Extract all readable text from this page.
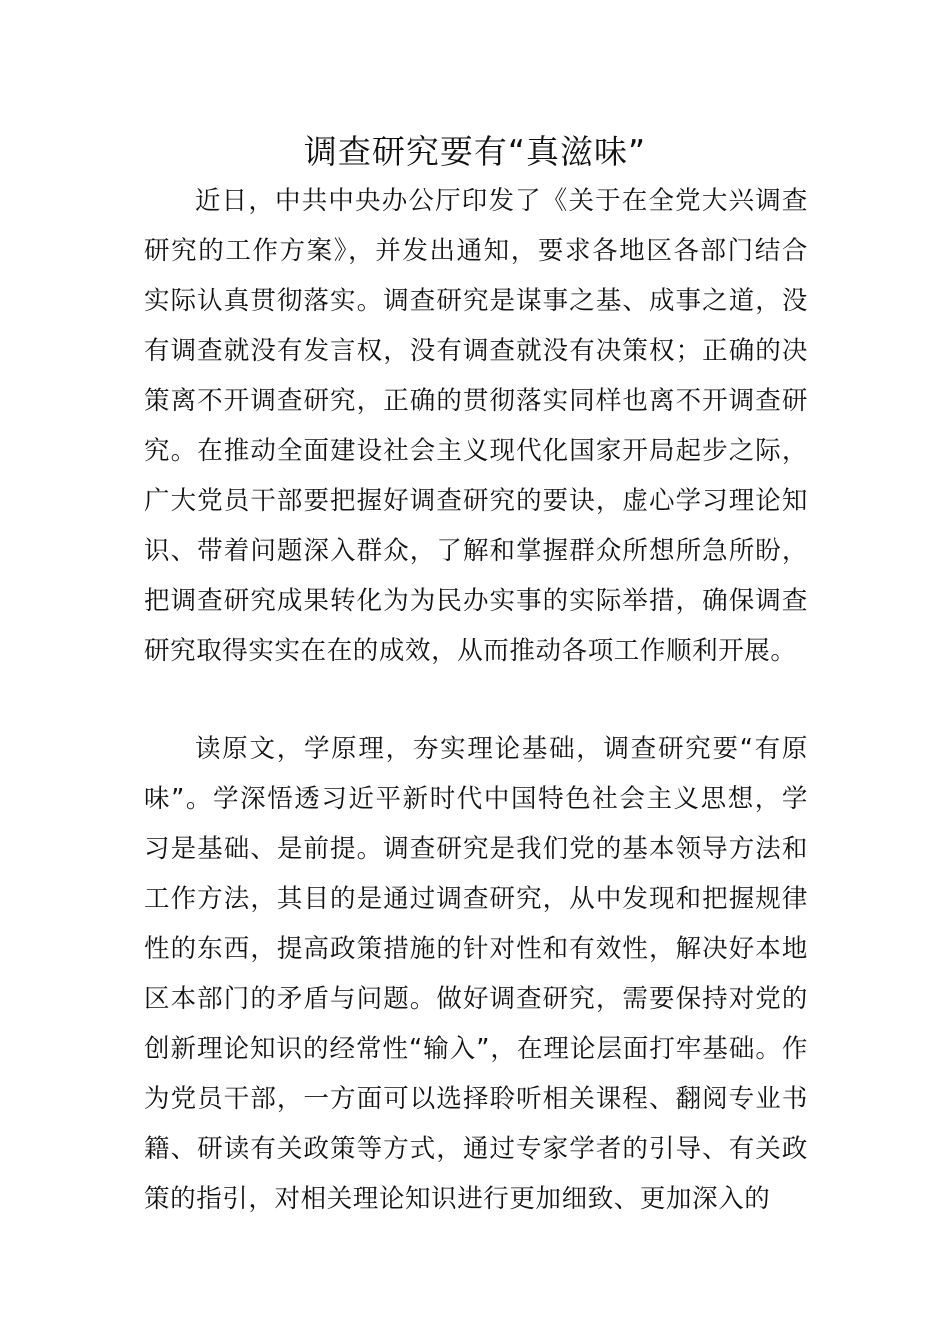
调查研究要有“真滋味”

近日，中共中央办公厅印发了《关于在全党大兴调查研究的工作方案》，并发出通知，要求各地区各部门结合实际认真贯彻落实。调查研究是谋事之基、成事之道，没有调查就没有发言权，没有调查就没有决策权；正确的决策离不开调查研究，正确的贯彻落实同样也离不开调查研究。在推动全面建设社会主义现代化国家开局起步之际，广大党员干部要把握好调查研究的要诀，虚心学习理论知识、带着问题深入群众，了解和掌握群众所想所急所盼，把调查研究成果转化为为民办实事的实际举措，确保调查研究取得实实在在的成效，从而推动各项工作顺利开展。

读原文，学原理，夯实理论基础，调查研究要“有原味”。学深悟透习近平新时代中国特色社会主义思想，学习是基础、是前提。调查研究是我们党的基本领导方法和工作方法，其目的是通过调查研究，从中发现和把握规律性的东西，提高政策措施的针对性和有效性，解决好本地区本部门的矛盾与问题。做好调查研究，需要保持对党的创新理论知识的经常性“输入”，在理论层面打牢基础。作为党员干部，一方面可以选择聆听相关课程、翻阅专业书籍、研读有关政策等方式，通过专家学者的引导、有关政策的指引，对相关理论知识进行更加细致、更加深入的
